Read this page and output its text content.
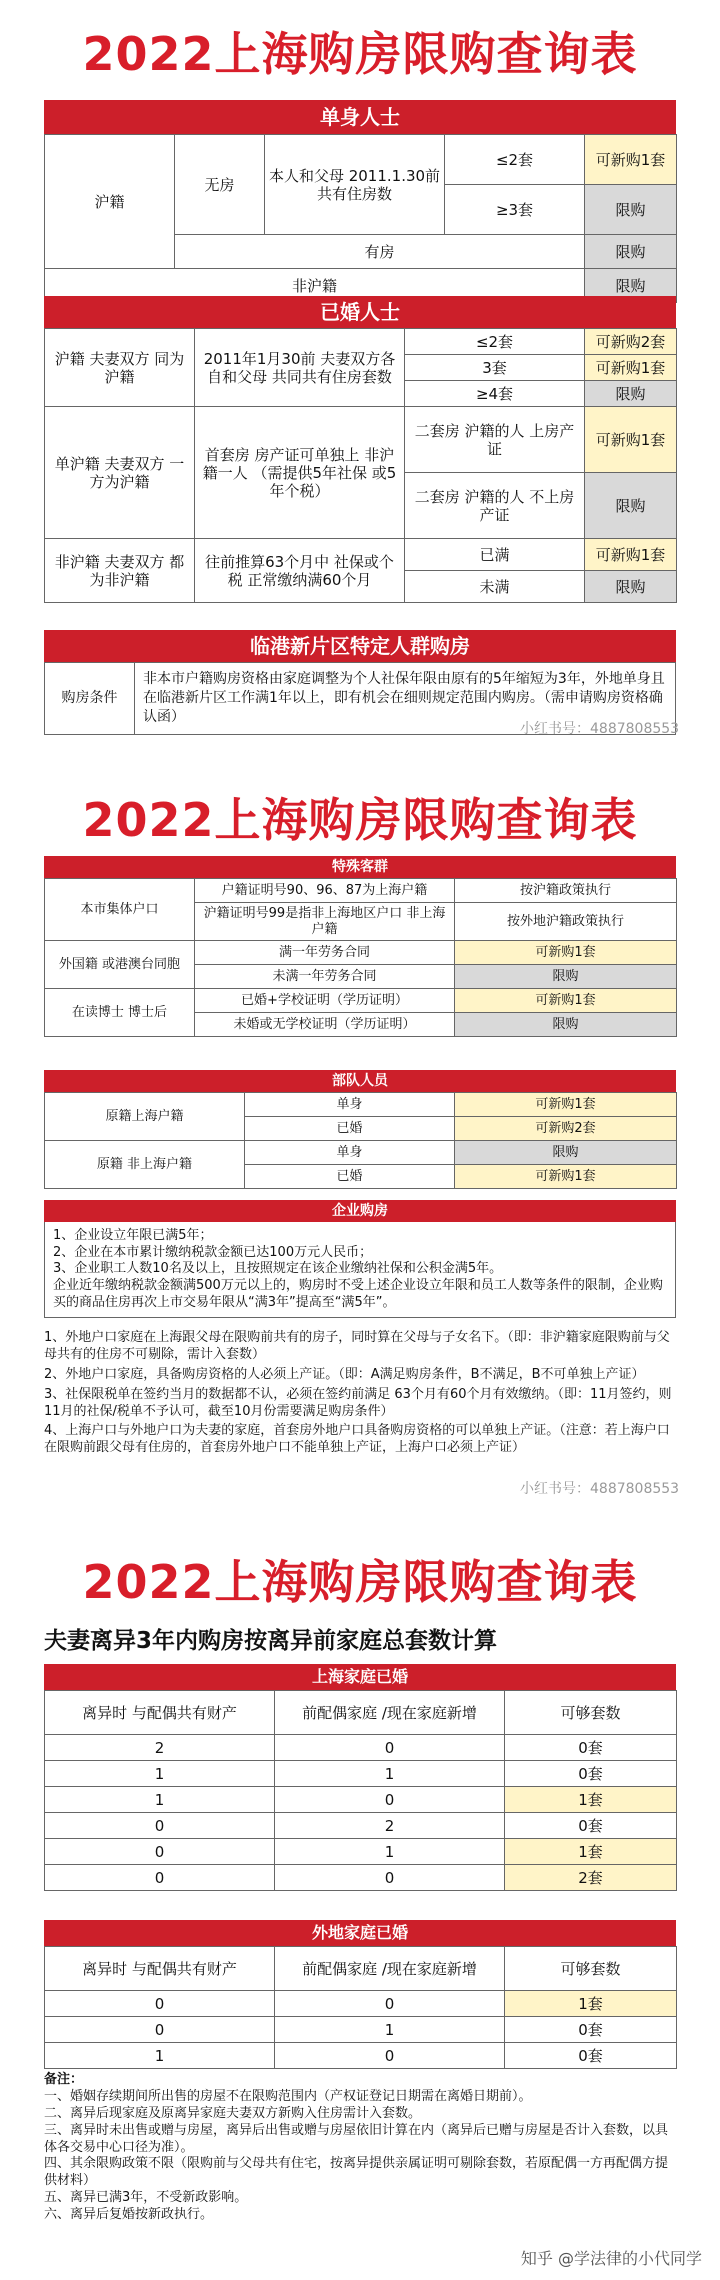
2022上海购房限购查询表
单身人士
沪籍	无房	本人和父母 2011.1.30前共有住房数	≤2套	可新购1套
			≥3套	限购
	有房			限购
非沪籍				限购
已婚人士
沪籍 夫妻双方 同为沪籍	2011年1月30前 夫妻双方各自和父母 共同共有住房套数	≤2套	可新购2套
		3套	可新购1套
		≥4套	限购
单沪籍 夫妻双方 一方为沪籍	首套房 房产证可单独上 非沪籍一人 （需提供5年社保 或5年个税）	二套房 沪籍的人 上房产证	可新购1套
		二套房 沪籍的人 不上房产证	限购
非沪籍 夫妻双方 都为非沪籍	往前推算63个月中 社保或个税 正常缴纳满60个月	已满	可新购1套
		未满	限购
临港新片区特定人群购房
购房条件	非本市户籍购房资格由家庭调整为个人社保年限由原有的5年缩短为3年，外地单身且在临港新片区工作满1年以上，即有机会在细则规定范围内购房。（需申请购房资格确认函）
小红书号：4887808553
2022上海购房限购查询表
特殊客群
本市集体户口	户籍证明号90、96、87为上海户籍	按沪籍政策执行
	沪籍证明号99是指非上海地区户口 非上海户籍	按外地沪籍政策执行
外国籍 或港澳台同胞	满一年劳务合同	可新购1套
	未满一年劳务合同	限购
在读博士 博士后	已婚+学校证明（学历证明）	可新购1套
	未婚或无学校证明（学历证明）	限购
部队人员
原籍上海户籍	单身	可新购1套
	已婚	可新购2套
原籍 非上海户籍	单身	限购
	已婚	可新购1套
企业购房
1、企业设立年限已满5年；
2、企业在本市累计缴纳税款金额已达100万元人民币；
3、企业职工人数10名及以上，且按照规定在该企业缴纳社保和公积金满5年。
企业近年缴纳税款金额满500万元以上的，购房时不受上述企业设立年限和员工人数等条件的限制，企业购买的商品住房再次上市交易年限从“满3年”提高至“满5年”。
1、外地户口家庭在上海跟父母在限购前共有的房子，同时算在父母与子女名下。（即：非沪籍家庭限购前与父母共有的住房不可剔除，需计入套数）
2、外地户口家庭，具备购房资格的人必须上产证。（即：A满足购房条件，B不满足，B不可单独上产证）
3、社保限税单在签约当月的数据都不认，必须在签约前满足 63个月有60个月有效缴纳。（即：11月签约，则11月的社保/税单不予认可，截至10月份需要满足购房条件）
4、上海户口与外地户口为夫妻的家庭，首套房外地户口具备购房资格的可以单独上产证。（注意：若上海户口在限购前跟父母有住房的，首套房外地户口不能单独上产证，上海户口必须上产证）
小红书号：4887808553
2022上海购房限购查询表
夫妻离异3年内购房按离异前家庭总套数计算
上海家庭已婚
离异时 与配偶共有财产	前配偶家庭 /现在家庭新增	可够套数
2	0	0套
1	1	0套
1	0	1套
0	2	0套
0	1	1套
0	0	2套
外地家庭已婚
离异时 与配偶共有财产	前配偶家庭 /现在家庭新增	可够套数
0	0	1套
0	1	0套
1	0	0套
备注：
一、婚姻存续期间所出售的房屋不在限购范围内（产权证登记日期需在离婚日期前）。
二、离异后现家庭及原离异家庭夫妻双方新购入住房需计入套数。
三、离异时未出售或赠与房屋，离异后出售或赠与房屋依旧计算在内（离异后已赠与房屋是否计入套数，以具体各交易中心口径为准）。
四、其余限购政策不限（限购前与父母共有住宅，按离异提供亲属证明可剔除套数，若原配偶一方再配偶方提供材料）
五、离异已满3年，不受新政影响。
六、离异后复婚按新政执行。
知乎 @学法律的小代同学
